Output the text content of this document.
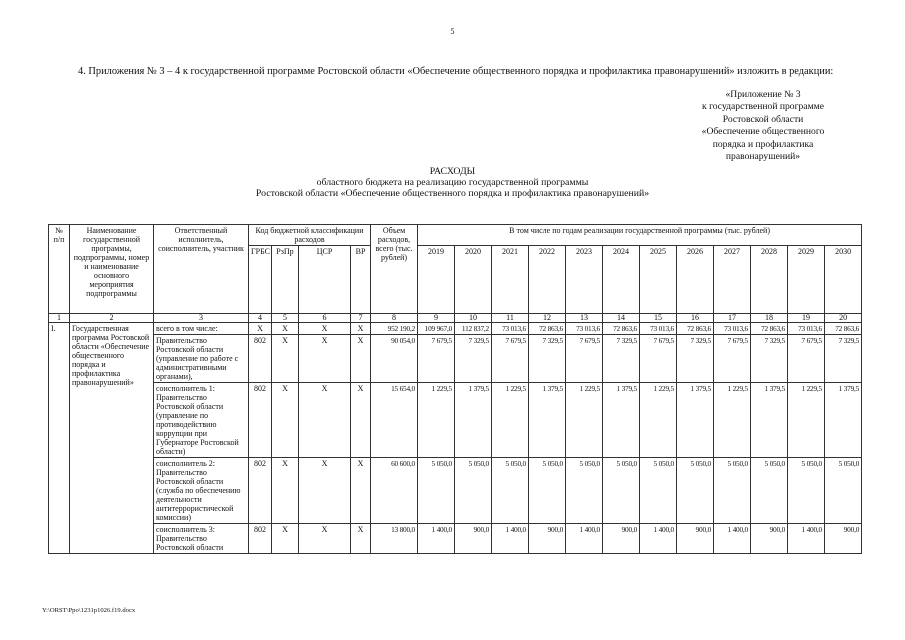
5
4. Приложения № 3 – 4 к государственной программе Ростовской области «Обеспечение общественного порядка и профилактика правонарушений» изложить в редакции:
«Приложение № 3
к государственной программе
Ростовской области
«Обеспечение общественного
порядка и профилактика
правонарушений»
РАСХОДЫ
областного бюджета на реализацию государственной программы
Ростовской области «Обеспечение общественного порядка и профилактика правонарушений»
№ п/п	Наименование государственной программы, подпрограммы, номер и наименование основного мероприятия подпрограммы	Ответственный исполнитель, соисполнитель, участник	Код бюджетной классификации расходов				Объем расходов, всего (тыс. рублей)	В том числе по годам реализации государственной программы (тыс. рублей)											
			ГРБС	РзПр	ЦСР	ВР		2019	2020	2021	2022	2023	2024	2025	2026	2027	2028	2029	2030
1	2	3	4	5	6	7	8	9	10	11	12	13	14	15	16	17	18	19	20
I.	Государственная программа Ростовской области «Обеспечение общественного порядка и профилактика правонарушений»	всего в том числе:	Х	Х	Х	Х	952 190,2	109 967,0	112 837,2	73 013,6	72 863,6	73 013,6	72 863,6	73 013,6	72 863,6	73 013,6	72 863,6	73 013,6	72 863,6
		Правительство Ростовской области (управление по работе с административными органами),	802	Х	Х	Х	90 054,0	7 679,5	7 329,5	7 679,5	7 329,5	7 679,5	7 329,5	7 679,5	7 329,5	7 679,5	7 329,5	7 679,5	7 329,5
		соисполнитель 1: Правительство Ростовской области (управление по противодействию коррупции при Губернаторе Ростовской области)	802	Х	Х	Х	15 654,0	1 229,5	1 379,5	1 229,5	1 379,5	1 229,5	1 379,5	1 229,5	1 379,5	1 229,5	1 379,5	1 229,5	1 379,5
		соисполнитель 2: Правительство Ростовской области (служба по обеспечению деятельности антитеррористической комиссии)	802	Х	Х	Х	60 600,0	5 050,0	5 050,0	5 050,0	5 050,0	5 050,0	5 050,0	5 050,0	5 050,0	5 050,0	5 050,0	5 050,0	5 050,0
		соисполнитель 3: Правительство Ростовской области	802	Х	Х	Х	13 800,0	1 400,0	900,0	1 400,0	900,0	1 400,0	900,0	1 400,0	900,0	1 400,0	900,0	1 400,0	900,0
Y:\ORST\Ppo\1231p1026.f19.docx
